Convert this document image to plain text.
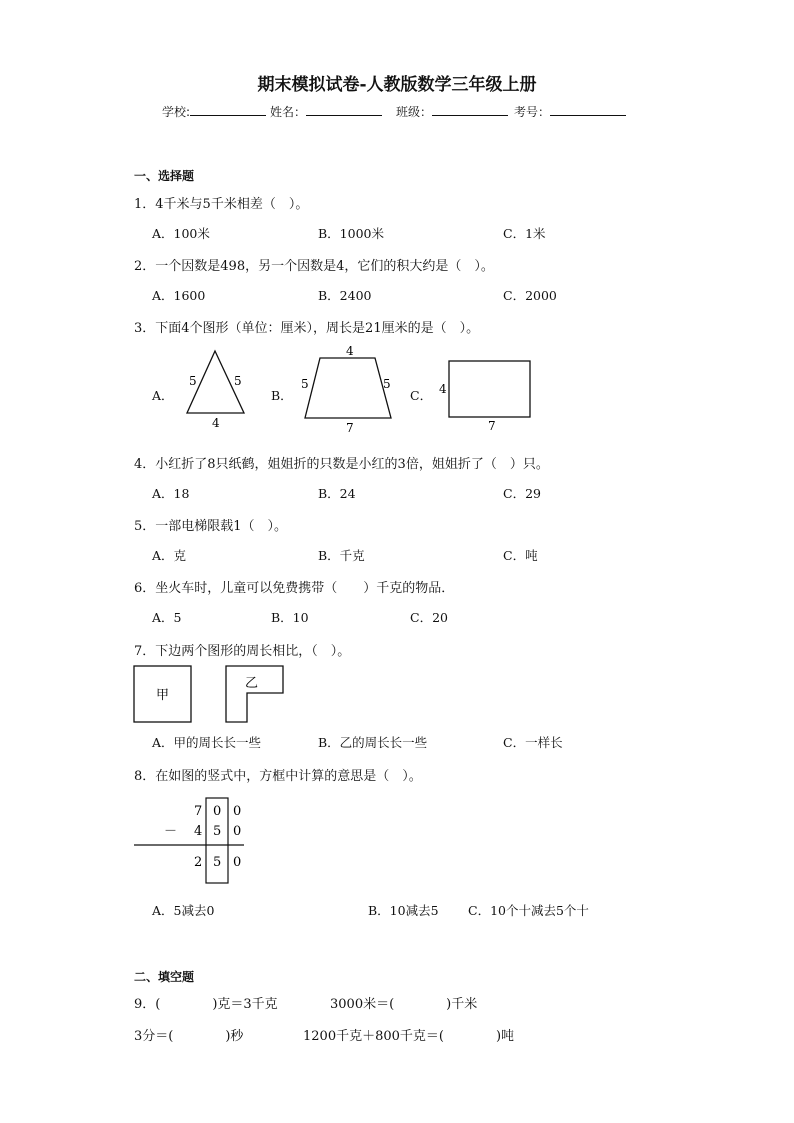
期末模拟试卷-人教版数学三年级上册
学校:	姓名：	班级：	考号：
一、选择题
1．4千米与5千米相差（　）。
A．100米	B．1000米	C．1米
2．一个因数是498，另一个因数是4，它们的积大约是（　）。
A．1600	B．2400	C．2000
3．下面4个图形（单位：厘米），周长是21厘米的是（　）。
A．	B．	C．
5	5
4
4
5	5
7
4
7
甲
乙
7 0 0
－ 4 5 0
2 5 0
4．小红折了8只纸鹤，姐姐折的只数是小红的3倍，姐姐折了（　）只。
A．18	B．24	C．29
5．一部电梯限载1（　）。
A．克	B．千克	C．吨
6．坐火车时，儿童可以免费携带（　　）千克的物品．
A．5	B．10	C．20
7．下边两个图形的周长相比，（　）。
A．甲的周长长一些	B．乙的周长长一些	C．一样长
8．在如图的竖式中，方框中计算的意思是（　）。
A．5减去0	B．10减去5 C．10个十减去5个十
二、填空题
9．(　　　　)克＝3千克	3000米＝(　　　　)千米
3分＝(　　　　)秒	1200千克＋800千克＝(　　　　)吨
